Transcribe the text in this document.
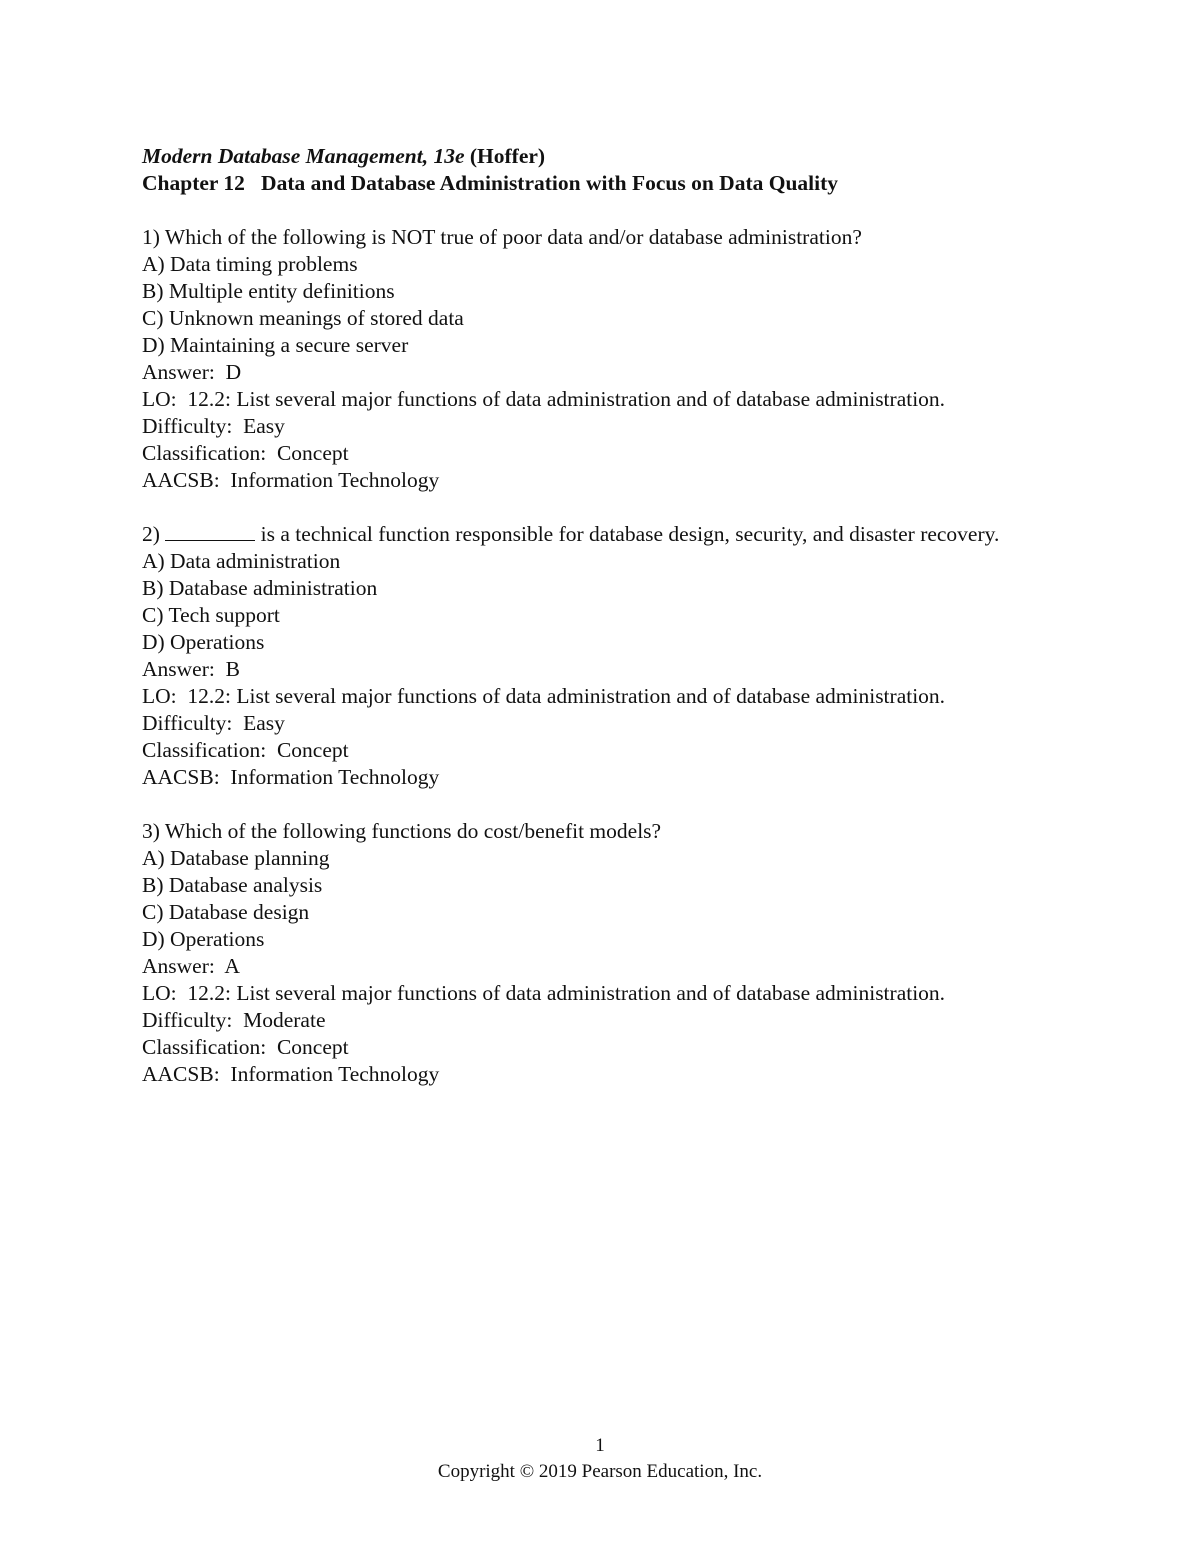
Modern Database Management, 13e (Hoffer)
Chapter 12   Data and Database Administration with Focus on Data Quality
1) Which of the following is NOT true of poor data and/or database administration?
A) Data timing problems
B) Multiple entity definitions
C) Unknown meanings of stored data
D) Maintaining a secure server
Answer:  D
LO:  12.2: List several major functions of data administration and of database administration.
Difficulty:  Easy
Classification:  Concept
AACSB:  Information Technology
2)	is a technical function responsible for database design, security, and disaster recovery.
A) Data administration
B) Database administration
C) Tech support
D) Operations
Answer:  B
LO:  12.2: List several major functions of data administration and of database administration.
Difficulty:  Easy
Classification:  Concept
AACSB:  Information Technology
3) Which of the following functions do cost/benefit models?
A) Database planning
B) Database analysis
C) Database design
D) Operations
Answer:  A
LO:  12.2: List several major functions of data administration and of database administration.
Difficulty:  Moderate
Classification:  Concept
AACSB:  Information Technology
1
Copyright © 2019 Pearson Education, Inc.
